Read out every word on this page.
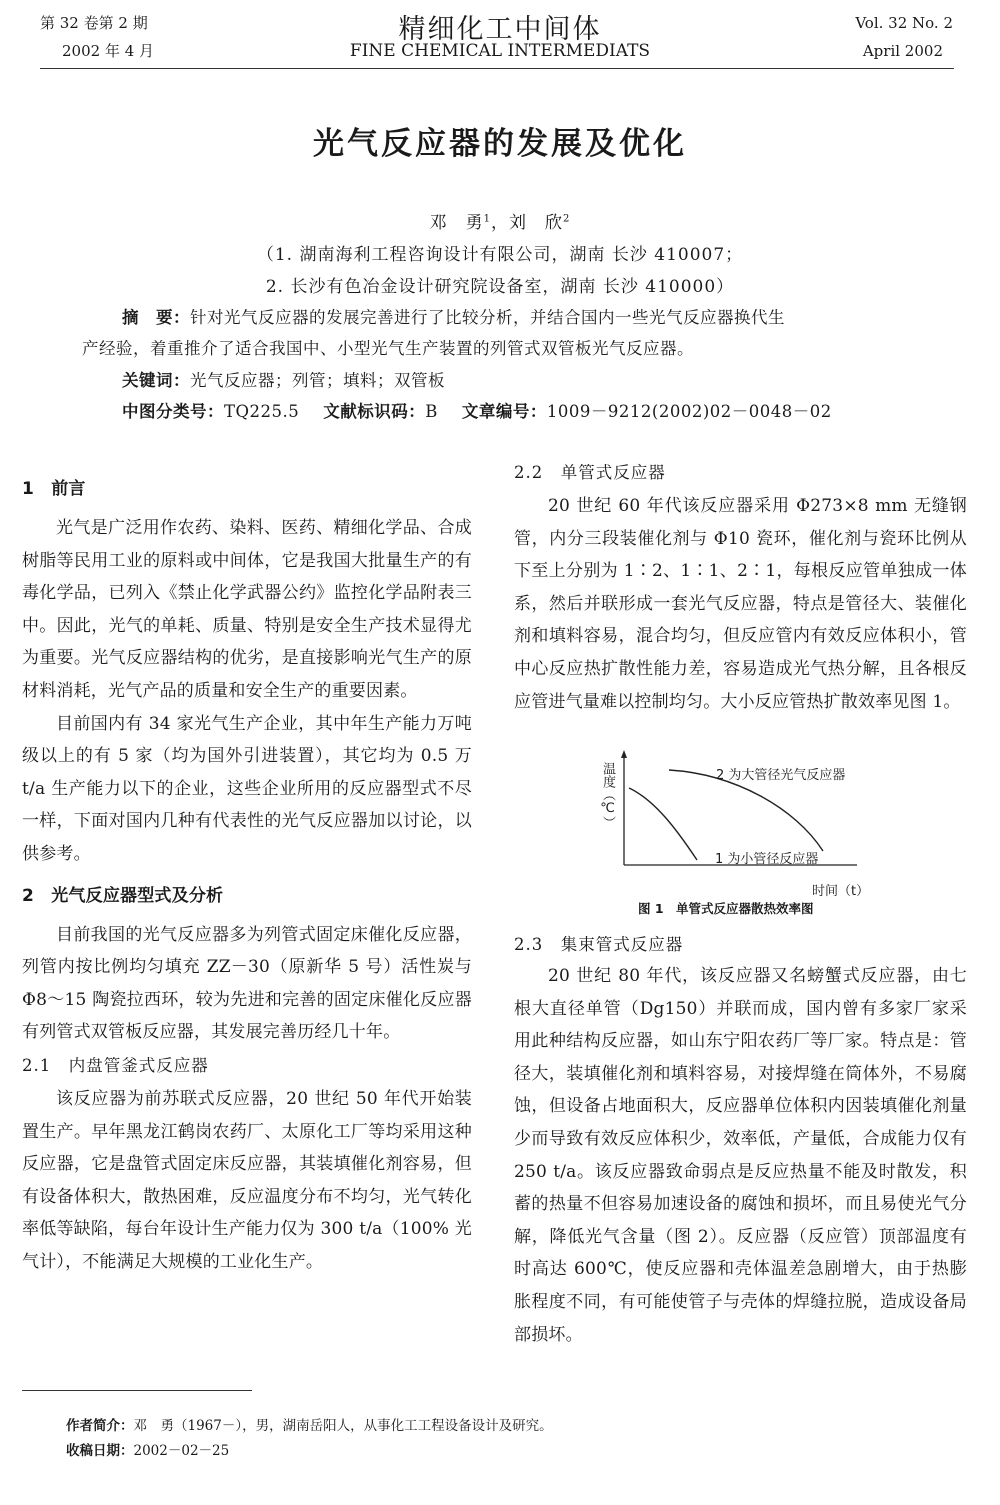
第 32 卷第 2 期
2002 年 4 月
精细化工中间体
FINE CHEMICAL INTERMEDIATS
Vol. 32 No. 2
April 2002
光气反应器的发展及优化
邓　勇$^1$，刘　欣$^2$
（1. 湖南海利工程咨询设计有限公司，湖南 长沙 410007；
2. 长沙有色冶金设计研究院设备室，湖南 长沙 410000）
摘　要：针对光气反应器的发展完善进行了比较分析，并结合国内一些光气反应器换代生
产经验，着重推介了适合我国中、小型光气生产装置的列管式双管板光气反应器。
关键词：光气反应器；列管；填料；双管板
中图分类号：TQ225.5 文献标识码：B 文章编号：1009－9212(2002)02－0048－02
1　前言

光气是广泛用作农药、染料、医药、精细化学品、合成树脂等民用工业的原料或中间体，它是我国大批量生产的有毒化学品，已列入《禁止化学武器公约》监控化学品附表三中。因此，光气的单耗、质量、特别是安全生产技术显得尤为重要。光气反应器结构的优劣，是直接影响光气生产的原材料消耗，光气产品的质量和安全生产的重要因素。

目前国内有 34 家光气生产企业，其中年生产能力万吨级以上的有 5 家（均为国外引进装置），其它均为 0.5 万 t/a 生产能力以下的企业，这些企业所用的反应器型式不尽一样，下面对国内几种有代表性的光气反应器加以讨论，以供参考。

2　光气反应器型式及分析

目前我国的光气反应器多为列管式固定床催化反应器，列管内按比例均匀填充 ZZ－30（原新华 5 号）活性炭与 Φ8～15 陶瓷拉西环，较为先进和完善的固定床催化反应器有列管式双管板反应器，其发展完善历经几十年。

2.1　内盘管釜式反应器

该反应器为前苏联式反应器，20 世纪 50 年代开始装置生产。早年黑龙江鹤岗农药厂、太原化工厂等均采用这种反应器，它是盘管式固定床反应器，其装填催化剂容易，但有设备体积大，散热困难，反应温度分布不均匀，光气转化率低等缺陷，每台年设计生产能力仅为 300 t/a（100% 光气计），不能满足大规模的工业化生产。

2.2　单管式反应器

20 世纪 60 年代该反应器采用 Φ273×8 mm 无缝钢管，内分三段装催化剂与 Φ10 瓷环，催化剂与瓷环比例从下至上分别为 1∶2、1∶1、2∶1，每根反应管单独成一体系，然后并联形成一套光气反应器，特点是管径大、装催化剂和填料容易，混合均匀，但反应管内有效反应体积小，管中心反应热扩散性能力差，容易造成光气热分解，且各根反应管进气量难以控制均匀。大小反应管热扩散效率见图 1。

温度（℃）	2 为大管径光气反应器
1 为小管径反应器
时间（t）
图 1　单管式反应器散热效率图
2.3　集束管式反应器

20 世纪 80 年代，该反应器又名螃蟹式反应器，由七根大直径单管（Dg150）并联而成，国内曾有多家厂家采用此种结构反应器，如山东宁阳农药厂等厂家。特点是：管径大，装填催化剂和填料容易，对接焊缝在筒体外，不易腐蚀，但设备占地面积大，反应器单位体积内因装填催化剂量少而导致有效反应体积少，效率低，产量低，合成能力仅有 250 t/a。该反应器致命弱点是反应热量不能及时散发，积蓄的热量不但容易加速设备的腐蚀和损坏，而且易使光气分解，降低光气含量（图 2）。反应器（反应管）顶部温度有时高达 600℃，使反应器和壳体温差急剧增大，由于热膨胀程度不同，有可能使管子与壳体的焊缝拉脱，造成设备局部损坏。

作者简介：邓　勇（1967－），男，湖南岳阳人，从事化工工程设备设计及研究。
收稿日期：2002－02－25
